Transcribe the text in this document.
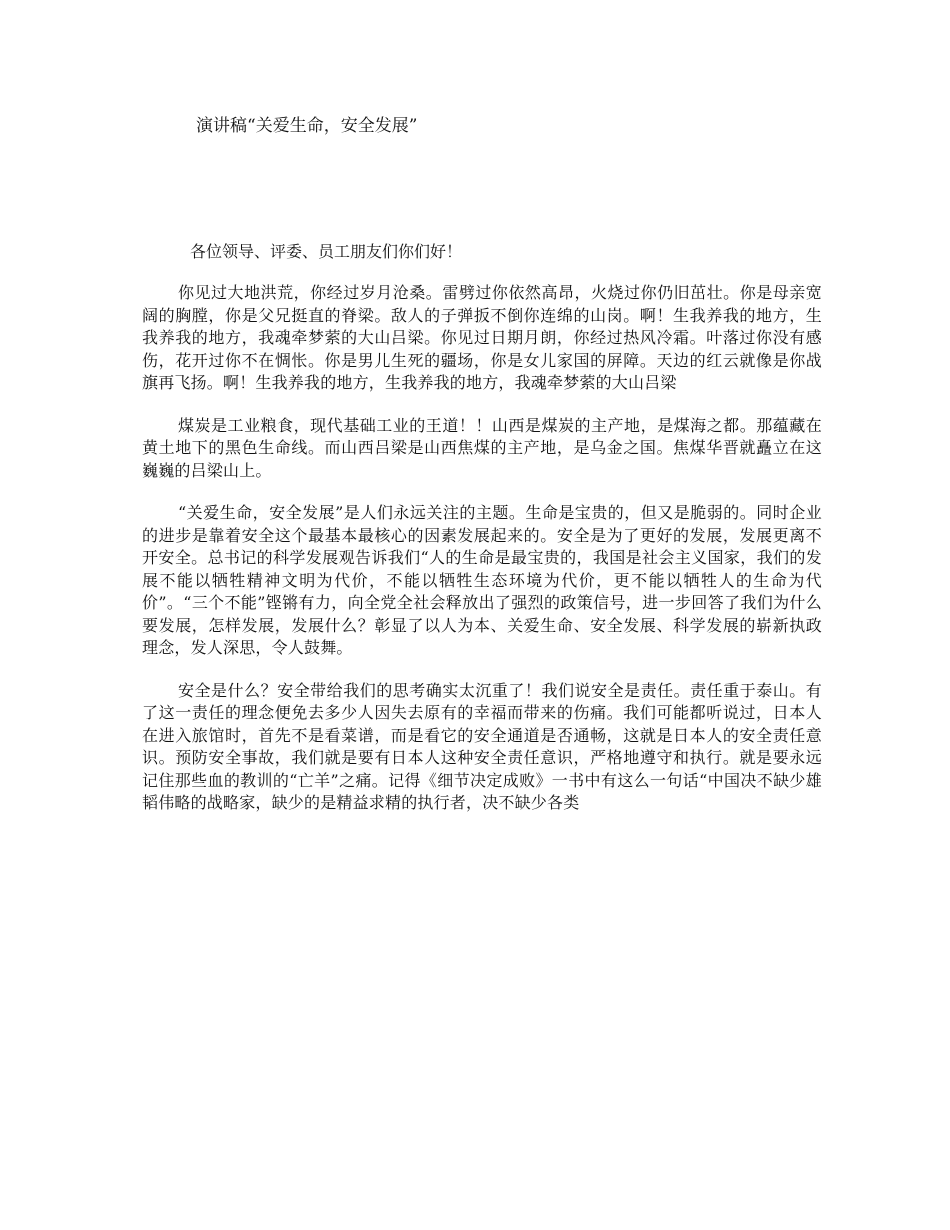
演讲稿“关爱生命，安全发展”
各位领导、评委、员工朋友们你们好！

你见过大地洪荒，你经过岁月沧桑。雷劈过你依然高昂，火烧过你仍旧茁壮。你是母亲宽阔的胸膛，你是父兄挺直的脊梁。敌人的子弹扳不倒你连绵的山岗。啊！生我养我的地方，生我养我的地方，我魂牵梦萦的大山吕梁。你见过日期月朗，你经过热风冷霜。叶落过你没有感伤，花开过你不在惆怅。你是男儿生死的疆场，你是女儿家国的屏障。天边的红云就像是你战旗再飞扬。啊！生我养我的地方，生我养我的地方，我魂牵梦萦的大山吕梁

煤炭是工业粮食，现代基础工业的王道！！山西是煤炭的主产地，是煤海之都。那蕴藏在黄土地下的黑色生命线。而山西吕梁是山西焦煤的主产地，是乌金之国。焦煤华晋就矗立在这巍巍的吕梁山上。

“关爱生命，安全发展”是人们永远关注的主题。生命是宝贵的，但又是脆弱的。同时企业的进步是靠着安全这个最基本最核心的因素发展起来的。安全是为了更好的发展，发展更离不开安全。总书记的科学发展观告诉我们“人的生命是最宝贵的，我国是社会主义国家，我们的发展不能以牺牲精神文明为代价，不能以牺牲生态环境为代价，更不能以牺牲人的生命为代价”。“三个不能”铿锵有力，向全党全社会释放出了强烈的政策信号，进一步回答了我们为什么要发展，怎样发展，发展什么？彰显了以人为本、关爱生命、安全发展、科学发展的崭新执政理念，发人深思，令人鼓舞。

安全是什么？安全带给我们的思考确实太沉重了！我们说安全是责任。责任重于泰山。有了这一责任的理念便免去多少人因失去原有的幸福而带来的伤痛。我们可能都听说过，日本人在进入旅馆时，首先不是看菜谱，而是看它的安全通道是否通畅，这就是日本人的安全责任意识。预防安全事故，我们就是要有日本人这种安全责任意识，严格地遵守和执行。就是要永远记住那些血的教训的“亡羊”之痛。记得《细节决定成败》一书中有这么一句话“中国决不缺少雄韬伟略的战略家，缺少的是精益求精的执行者，决不缺少各类
